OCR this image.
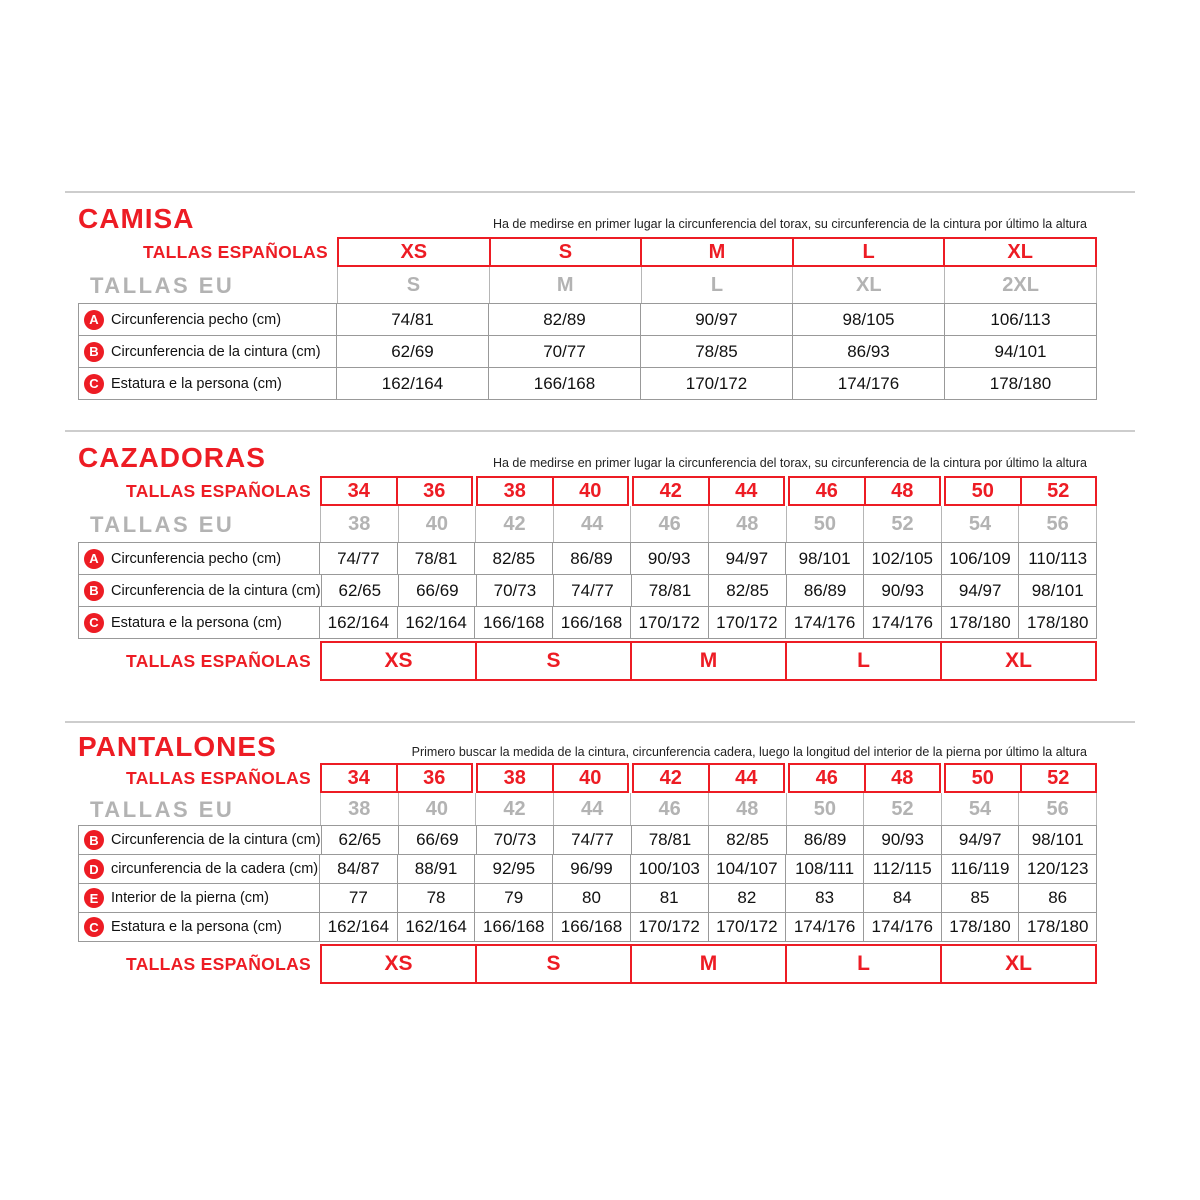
CAMISA	Ha de medirse en primer lugar la circunferencia del torax, su circunferencia de la cintura por último la altura
TALLAS ESPAÑOLAS	XS	S	M	L	XL
TALLAS EU	S	M	L	XL	2XL
A Circunferencia pecho (cm)	74/81	82/89	90/97	98/105	106/113
B Circunferencia de la cintura (cm)	62/69	70/77	78/85	86/93	94/101
C Estatura e la persona (cm)	162/164	166/168	170/172	174/176	178/180
CAZADORAS	Ha de medirse en primer lugar la circunferencia del torax, su circunferencia de la cintura por último la altura
TALLAS ESPAÑOLAS	34	36	38	40	42	44	46	48	50	52
TALLAS EU	38	40	42	44	46	48	50	52	54	56
A Circunferencia pecho (cm)	74/77	78/81	82/85	86/89	90/93	94/97	98/101	102/105 106/109	110/113
B Circunferencia de la cintura (cm)	62/65	66/69	70/73	74/77	78/81	82/85	86/89	90/93	94/97	98/101
C Estatura e la persona (cm)	162/164 162/164 166/168 166/168 170/172 170/172 174/176 174/176 178/180 178/180
TALLAS ESPAÑOLAS	XS	S	M	L	XL
PANTALONES	Primero buscar la medida de la cintura, circunferencia cadera, luego la longitud del interior de la pierna por último la altura
TALLAS ESPAÑOLAS	34	36	38	40	42	44	46	48	50	52
TALLAS EU	38	40	42	44	46	48	50	52	54	56
B Circunferencia de la cintura (cm)	62/65	66/69	70/73	74/77	78/81	82/85	86/89	90/93	94/97	98/101
D circunferencia de la cadera (cm)	84/87	88/91	92/95	96/99	100/103 104/107	108/111	112/115	116/119	120/123
E Interior de la pierna (cm)	77	78	79	80	81	82	83	84	85	86
C Estatura e la persona (cm)	162/164 162/164 166/168 166/168 170/172 170/172 174/176 174/176 178/180 178/180
TALLAS ESPAÑOLAS	XS	S	M	L	XL
